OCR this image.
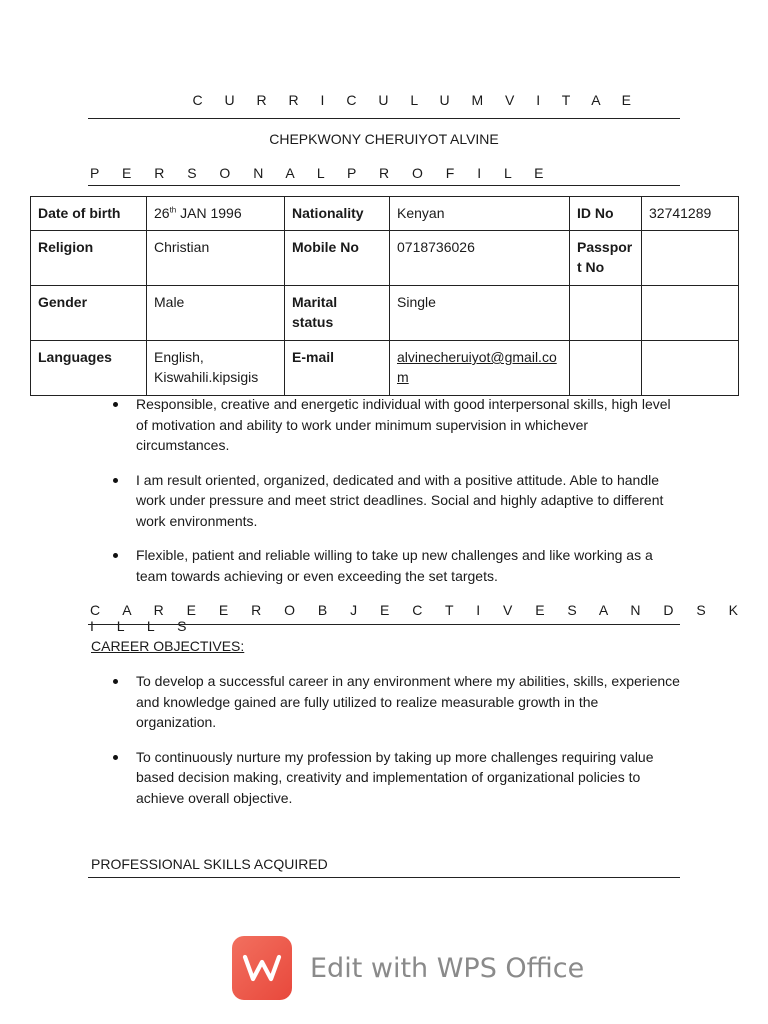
C U R R I C U L U M V I T A E
CHEPKWONY CHERUIYOT ALVINE
P E R S O N A L P R O F I L E
Date of birth	26th JAN 1996	Nationality	Kenyan	ID No	32741289
Religion	Christian	Mobile No	0718736026	Passpor t No	
Gender	Male	Marital status	Single		
Languages	English, Kiswahili.kipsigis	E-mail	alvinecheruiyot@gmail.com		
Responsible, creative and energetic individual with good interpersonal skills, high level of motivation and ability to work under minimum supervision in whichever circumstances.
I am result oriented, organized, dedicated and with a positive attitude. Able to handle work under pressure and meet strict deadlines. Social and highly adaptive to different work environments.
Flexible, patient and reliable willing to take up new challenges and like working as a team towards achieving or even exceeding the set targets.
C A R E E R O B J E C T I V E S A N D S K I L L S
CAREER OBJECTIVES:
To develop a successful career in any environment where my abilities, skills, experience and knowledge gained are fully utilized to realize measurable growth in the organization.
To continuously nurture my profession by taking up more challenges requiring value based decision making, creativity and implementation of organizational policies to achieve overall objective.
PROFESSIONAL SKILLS ACQUIRED
Edit with WPS Office
